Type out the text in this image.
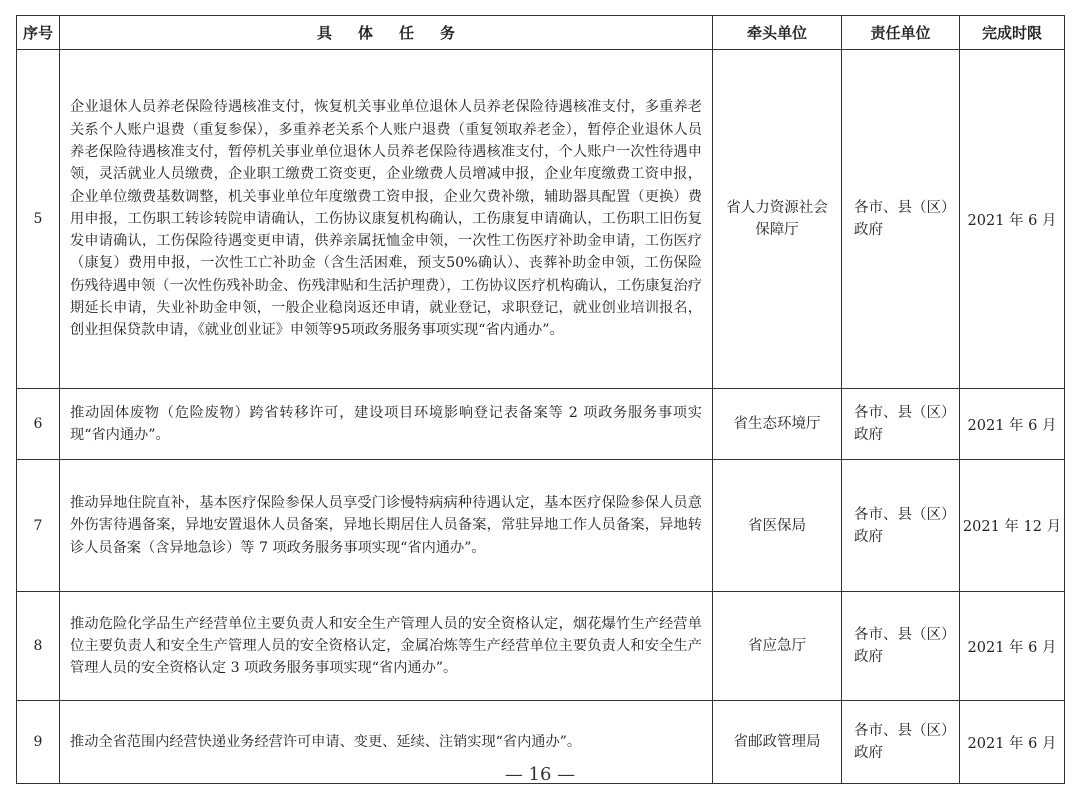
序号	具体任务	牵头单位	责任单位	完成时限
5	企业退休人员养老保险待遇核准支付，恢复机关事业单位退休人员养老保险待遇核准支付，多重养老关系个人账户退费（重复参保），多重养老关系个人账户退费（重复领取养老金），暂停企业退休人员养老保险待遇核准支付，暂停机关事业单位退休人员养老保险待遇核准支付，个人账户一次性待遇申领，灵活就业人员缴费，企业职工缴费工资变更，企业缴费人员增减申报，企业年度缴费工资申报，企业单位缴费基数调整，机关事业单位年度缴费工资申报，企业欠费补缴，辅助器具配置（更换）费用申报，工伤职工转诊转院申请确认，工伤协议康复机构确认，工伤康复申请确认，工伤职工旧伤复发申请确认，工伤保险待遇变更申请，供养亲属抚恤金申领，一次性工伤医疗补助金申请，工伤医疗（康复）费用申报，一次性工亡补助金（含生活困难，预支50%确认）、丧葬补助金申领，工伤保险伤残待遇申领（一次性伤残补助金、伤残津贴和生活护理费），工伤协议医疗机构确认，工伤康复治疗期延长申请，失业补助金申领，一般企业稳岗返还申请，就业登记，求职登记，就业创业培训报名，创业担保贷款申请，《就业创业证》申领等95项政务服务事项实现“省内通办”。	省人力资源社会保障厅	各市、县（区）政府	2021 年 6 月
6	推动固体废物（危险废物）跨省转移许可，建设项目环境影响登记表备案等 2 项政务服务事项实现“省内通办”。	省生态环境厅	各市、县（区）政府	2021 年 6 月
7	推动异地住院直补，基本医疗保险参保人员享受门诊慢特病病种待遇认定，基本医疗保险参保人员意外伤害待遇备案，异地安置退休人员备案，异地长期居住人员备案，常驻异地工作人员备案，异地转诊人员备案（含异地急诊）等 7 项政务服务事项实现“省内通办”。	省医保局	各市、县（区）政府	2021 年 12 月
8	推动危险化学品生产经营单位主要负责人和安全生产管理人员的安全资格认定，烟花爆竹生产经营单位主要负责人和安全生产管理人员的安全资格认定，金属冶炼等生产经营单位主要负责人和安全生产管理人员的安全资格认定 3 项政务服务事项实现“省内通办”。	省应急厅	各市、县（区）政府	2021 年 6 月
9	推动全省范围内经营快递业务经营许可申请、变更、延续、注销实现“省内通办”。	省邮政管理局	各市、县（区）政府	2021 年 6 月
— 16 —
